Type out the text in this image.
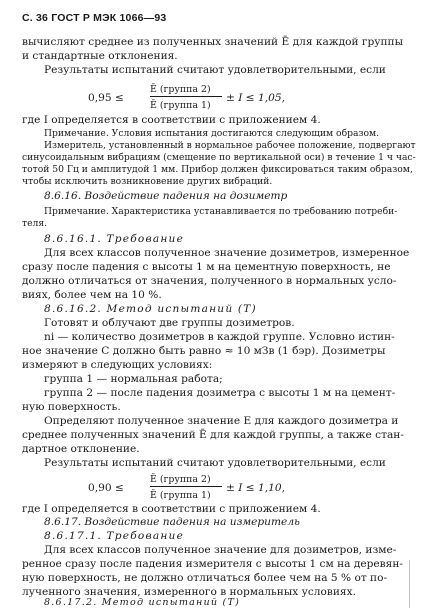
С. 36 ГОСТ Р МЭК 1066—93
вычисляют среднее из полученных значений Ē для каждой группы
и стандартные отклонения.
Результаты испытаний считают удовлетворительными, если
0,95 ≤
Ē (группа 2)
Ē (группа 1)
± I ≤ 1,05,
где I определяется в соответствии с приложением 4.
Примечание. Условия испытания достигаются следующим образом.
Измеритель, установленный в нормальное рабочее положение, подвергают
синусоидальным вибрациям (смещение по вертикальной оси) в течение 1 ч час-
тотой 50 Гц и амплитудой 1 мм. Прибор должен фиксироваться таким образом,
чтобы исключить возникновение других вибраций.
8.6.16. Воздействие падения на дозиметр
Примечание. Характеристика устанавливается по требованию потреби-
теля.
8.6.16.1. Требование
Для всех классов полученное значение дозиметров, измеренное
сразу после падения с высоты 1 м на цементную поверхность, не
должно отличаться от значения, полученного в нормальных усло-
виях, более чем на 10 %.
8.6.16.2. Метод испытаний (Т)
Готовят и облучают две группы дозиметров.
ni — количество дозиметров в каждой группе. Условно истин-
ное значение С должно быть равно ≈ 10 мЗв (1 бэр). Дозиметры
измеряют в следующих условиях:
группа 1 — нормальная работа;
группа 2 — после падения дозиметра с высоты 1 м на цемент-
ную поверхность.
Определяют полученное значение E для каждого дозиметра и
среднее полученных значений Ē для каждой группы, а также стан-
дартное отклонение.
Результаты испытаний считают удовлетворительными, если
0,90 ≤
Ē (группа 2)
Ē (группа 1)
± I ≤ 1,10,
где I определяется в соответствии с приложением 4.
8.6.17. Воздействие падения на измеритель
8.6.17.1. Требование
Для всех классов полученное значение для дозиметров, изме-
ренное сразу после падения измерителя с высоты 1 см на деревян-
ную поверхность, не должно отличаться более чем на 5 % от по-
лученного значения, измеренного в нормальных условиях.
8.6.17.2. Метод испытаний (Т)
